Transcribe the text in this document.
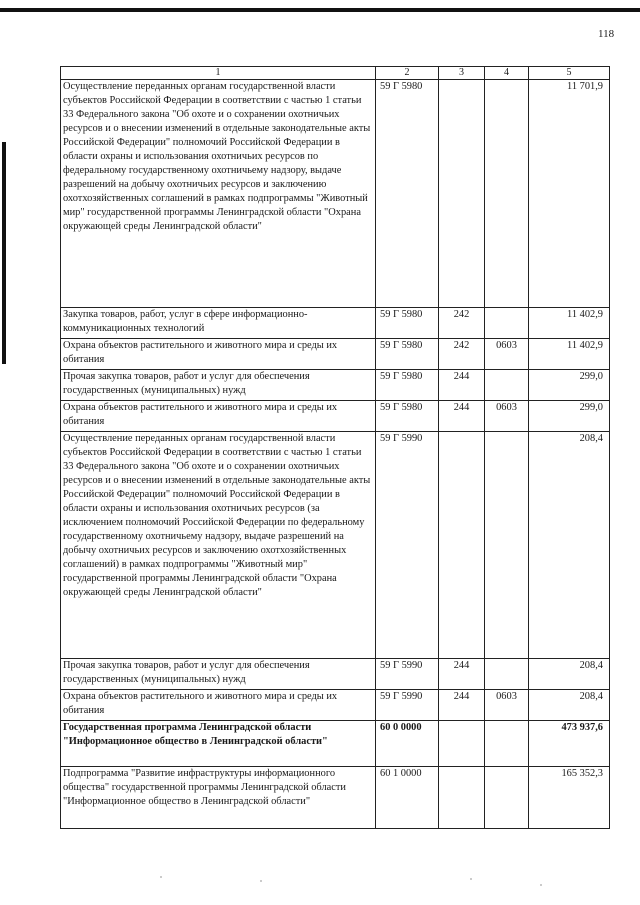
118
1	2	3	4	5
Осуществление переданных органам государственной власти субъектов Российской Федерации в соответствии с частью 1 статьи 33 Федерального закона "Об охоте и о сохранении охотничьих ресурсов и о внесении изменений в отдельные законодательные акты Российской Федерации" полномочий Российской Федерации в области охраны и использования охотничьих ресурсов по федеральному государственному охотничьему надзору, выдаче разрешений на добычу охотничьих ресурсов и заключению охотхозяйственных соглашений в рамках подпрограммы "Животный мир" государственной программы Ленинградской области "Охрана окружающей среды Ленинградской области"	59 Г 5980			11 701,9
Закупка товаров, работ, услуг в сфере информационно-коммуникационных технологий	59 Г 5980	242		11 402,9
Охрана объектов растительного и животного мира и среды их обитания	59 Г 5980	242	0603	11 402,9
Прочая закупка товаров, работ и услуг для обеспечения государственных (муниципальных) нужд	59 Г 5980	244		299,0
Охрана объектов растительного и животного мира и среды их обитания	59 Г 5980	244	0603	299,0
Осуществление переданных органам государственной власти субъектов Российской Федерации в соответствии с частью 1 статьи 33 Федерального закона "Об охоте и о сохранении охотничьих ресурсов и о внесении изменений в отдельные законодательные акты Российской Федерации" полномочий Российской Федерации в области охраны и использования охотничьих ресурсов (за исключением полномочий Российской Федерации по федеральному государственному охотничьему надзору, выдаче разрешений на добычу охотничьих ресурсов и заключению охотхозяйственных соглашений) в рамках подпрограммы "Животный мир" государственной программы Ленинградской области "Охрана окружающей среды Ленинградской области"	59 Г 5990			208,4
Прочая закупка товаров, работ и услуг для обеспечения государственных (муниципальных) нужд	59 Г 5990	244		208,4
Охрана объектов растительного и животного мира и среды их обитания	59 Г 5990	244	0603	208,4
Государственная программа Ленинградской области "Информационное общество в Ленинградской области"	60 0 0000			473 937,6
Подпрограмма "Развитие инфраструктуры информационного общества" государственной программы Ленинградской области "Информационное общество в Ленинградской области"	60 1 0000			165 352,3
